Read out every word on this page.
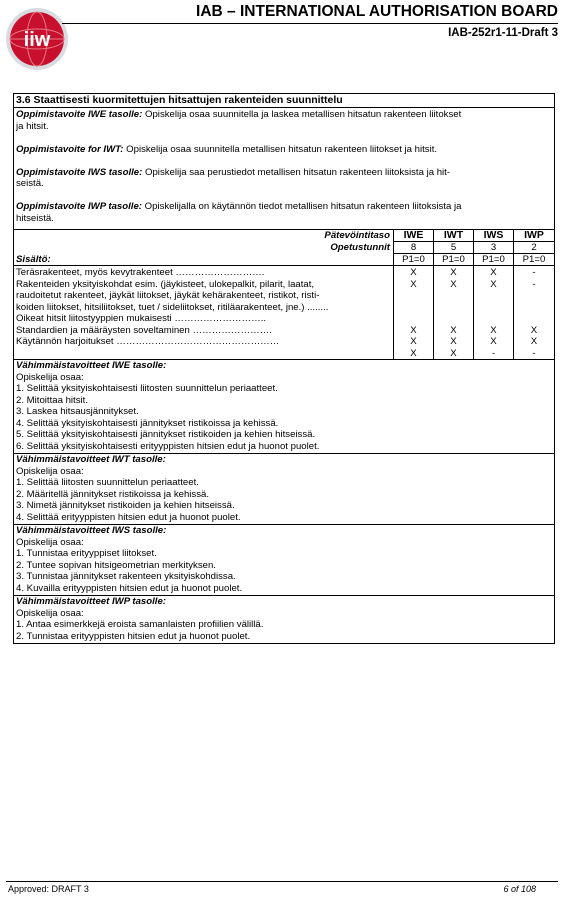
iiw
IAB – INTERNATIONAL AUTHORISATION BOARD
IAB-252r1-11-Draft 3
3.6 Staattisesti kuormitettujen hitsattujen rakenteiden suunnittelu
Oppimistavoite IWE tasolle: Opiskelija osaa suunnitella ja laskea metallisen hitsatun rakenteen liitokset
ja hitsit.
Oppimistavoite for IWT: Opiskelija osaa suunnitella metallisen hitsatun rakenteen liitokset ja hitsit.
Oppimistavoite IWS tasolle: Opiskelija saa perustiedot metallisen hitsatun rakenteen liitoksista ja hit-
seistä.
Oppimistavoite IWP tasolle: Opiskelijalla on käytännön tiedot metallisen hitsatun rakenteen liitoksista ja
hitseistä.
Pätevöintitaso
Opetustunnit
Sisältö:
Teräsrakenteet, myös kevytrakenteet ……………………….
Rakenteiden yksityiskohdat esim. (jäykisteet, ulokepalkit, pilarit, laatat,
raudoitetut rakenteet, jäykät liitokset, jäykät kehärakenteet, ristikot, risti-
koiden liitokset, hitsiliitokset, tuet / sideliitokset, ritiläarakenteet, jne.) ........
Oikeat hitsit liitostyyppien mukaisesti ………………………..
Standardien ja määräysten soveltaminen …………………….
Käytännön harjoitukset ……………………………………………
IWE
8
P1=0
X
X
X
X
X
IWT
5
P1=0
X
X
X
X
X
IWS
3
P1=0
X
X
X
X
-
IWP
2
P1=0
-
-
X
X
-
Vähimmäistavoitteet IWE tasolle:
Opiskelija osaa:
1. Selittää yksityiskohtaisesti liitosten suunnittelun periaatteet.
2. Mitoittaa hitsit.
3. Laskea hitsausjännitykset.
4. Selittää yksityiskohtaisesti jännitykset ristikoissa ja kehissä.
5. Selittää yksityiskohtaisesti jännitykset ristikoiden ja kehien hitseissä.
6. Selittää yksityiskohtaisesti erityyppisten hitsien edut ja huonot puolet.
Vähimmäistavoitteet IWT tasolle:
Opiskelija osaa:
1. Selittää liitosten suunnittelun periaatteet.
2. Määritellä jännitykset ristikoissa ja kehissä.
3. Nimetä jännitykset ristikoiden ja kehien hitseissä.
4. Selittää erityyppisten hitsien edut ja huonot puolet.
Vähimmäistavoitteet IWS tasolle:
Opiskelija osaa:
1. Tunnistaa erityyppiset liitokset.
2. Tuntee sopivan hitsigeometrian merkityksen.
3. Tunnistaa jännitykset rakenteen yksityiskohdissa.
4. Kuvailla erityyppisten hitsien edut ja huonot puolet.
Vähimmäistavoitteet IWP tasolle:
Opiskelija osaa:
1. Antaa esimerkkejä eroista samanlaisten profiilien välillä.
2. Tunnistaa erityyppisten hitsien edut ja huonot puolet.
Approved: DRAFT 3	6 of 108
